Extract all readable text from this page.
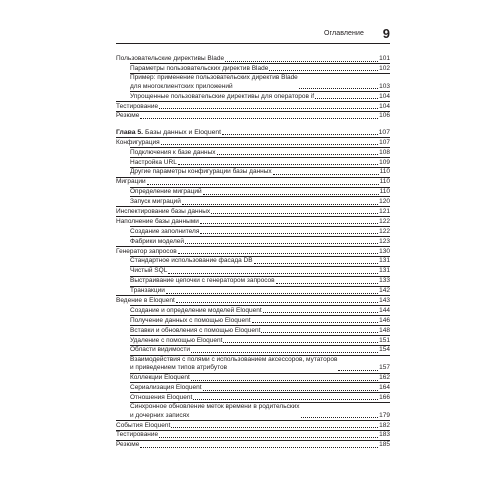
Оглавление 9
Пользовательские директивы Blade	101
Параметры пользовательских директив Blade	102
Пример: применение пользовательских директив Blade
для многоклиентских приложений	103
Упрощенные пользовательские директивы для операторов if	104
Тестирование	104
Резюме	106
Глава 5. Базы данных и Eloquent	107
Конфигурация	107
Подключения к базе данных	108
Настройка URL	109
Другие параметры конфигурации базы данных	110
Миграции	110
Определение миграций	110
Запуск миграций	120
Инспектирование базы данных	121
Наполнение базы данными	122
Создание заполнителя	122
Фабрики моделей	123
Генератор запросов	130
Стандартное использование фасада DB	131
Чистый SQL	131
Выстраивание цепочки с генератором запросов	133
Транзакции	142
Ведение в Eloquent	143
Создание и определение моделей Eloquent	144
Получение данных с помощью Eloquent	146
Вставки и обновления с помощью Eloquent	148
Удаление с помощью Eloquent	151
Области видимости	154
Взаимодействия с полями с использованием аксессоров, мутаторов
и приведением типов атрибутов	157
Коллекции Eloquent	162
Сериализация Eloquent	164
Отношения Eloquent	166
Синхронное обновление меток времени в родительских
и дочерних записях	179
События Eloquent	182
Тестирование	183
Резюме	185
